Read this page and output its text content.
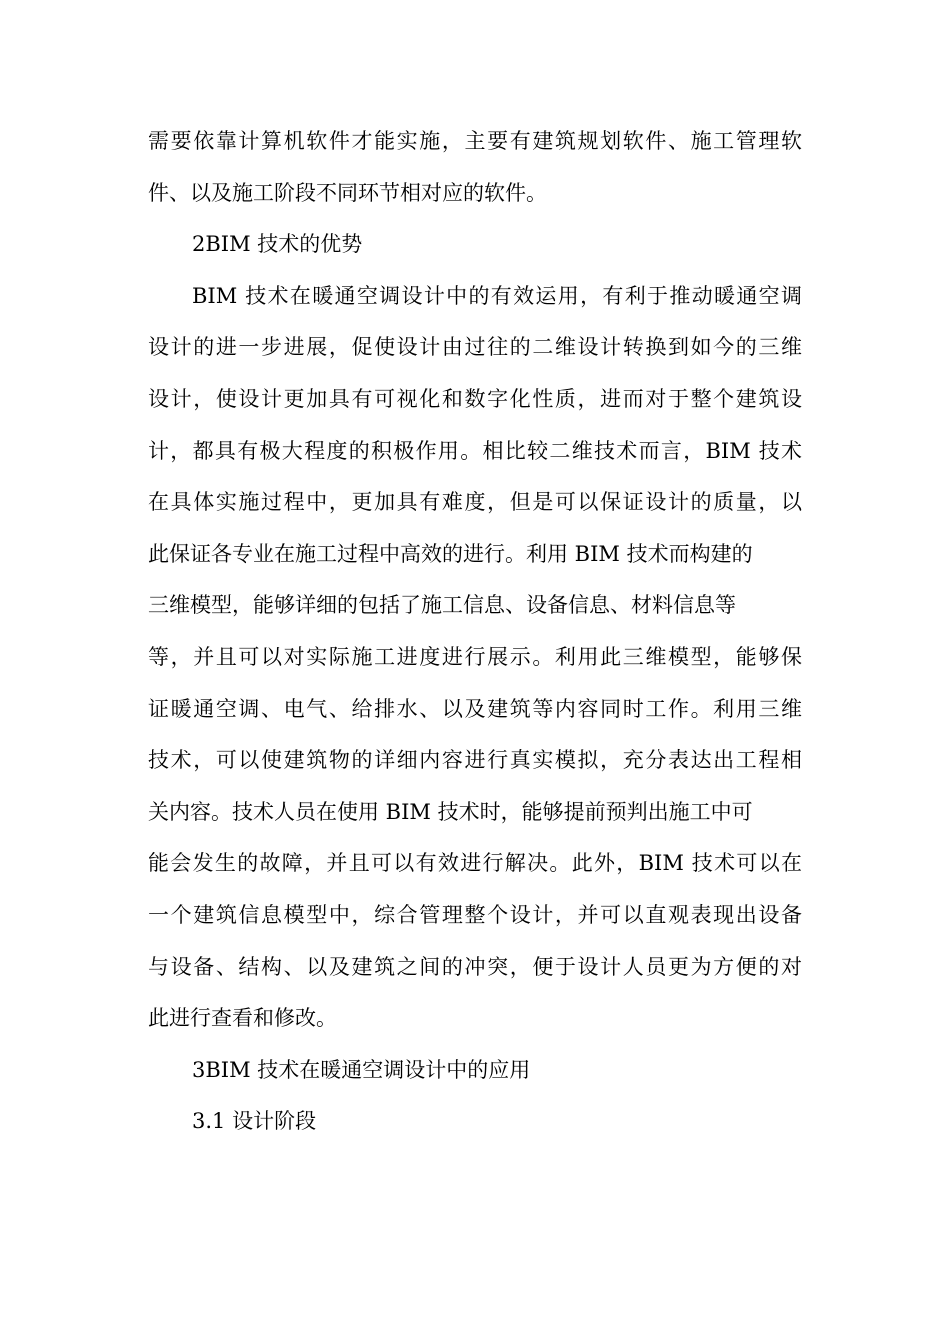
需要依靠计算机软件才能实施，主要有建筑规划软件、施工管理软
件、以及施工阶段不同环节相对应的软件。
2BIM 技术的优势
BIM 技术在暖通空调设计中的有效运用，有利于推动暖通空调
设计的进一步进展，促使设计由过往的二维设计转换到如今的三维
设计，使设计更加具有可视化和数字化性质，进而对于整个建筑设
计，都具有极大程度的积极作用。相比较二维技术而言，BIM 技术
在具体实施过程中，更加具有难度，但是可以保证设计的质量，以
此保证各专业在施工过程中高效的进行。利用 BIM 技术而构建的
三维模型，能够详细的包括了施工信息、设备信息、材料信息等
等，并且可以对实际施工进度进行展示。利用此三维模型，能够保
证暖通空调、电气、给排水、以及建筑等内容同时工作。利用三维
技术，可以使建筑物的详细内容进行真实模拟，充分表达出工程相
关内容。技术人员在使用 BIM 技术时，能够提前预判出施工中可
能会发生的故障，并且可以有效进行解决。此外，BIM 技术可以在
一个建筑信息模型中，综合管理整个设计，并可以直观表现出设备
与设备、结构、以及建筑之间的冲突，便于设计人员更为方便的对
此进行查看和修改。
3BIM 技术在暖通空调设计中的应用
3.1 设计阶段
